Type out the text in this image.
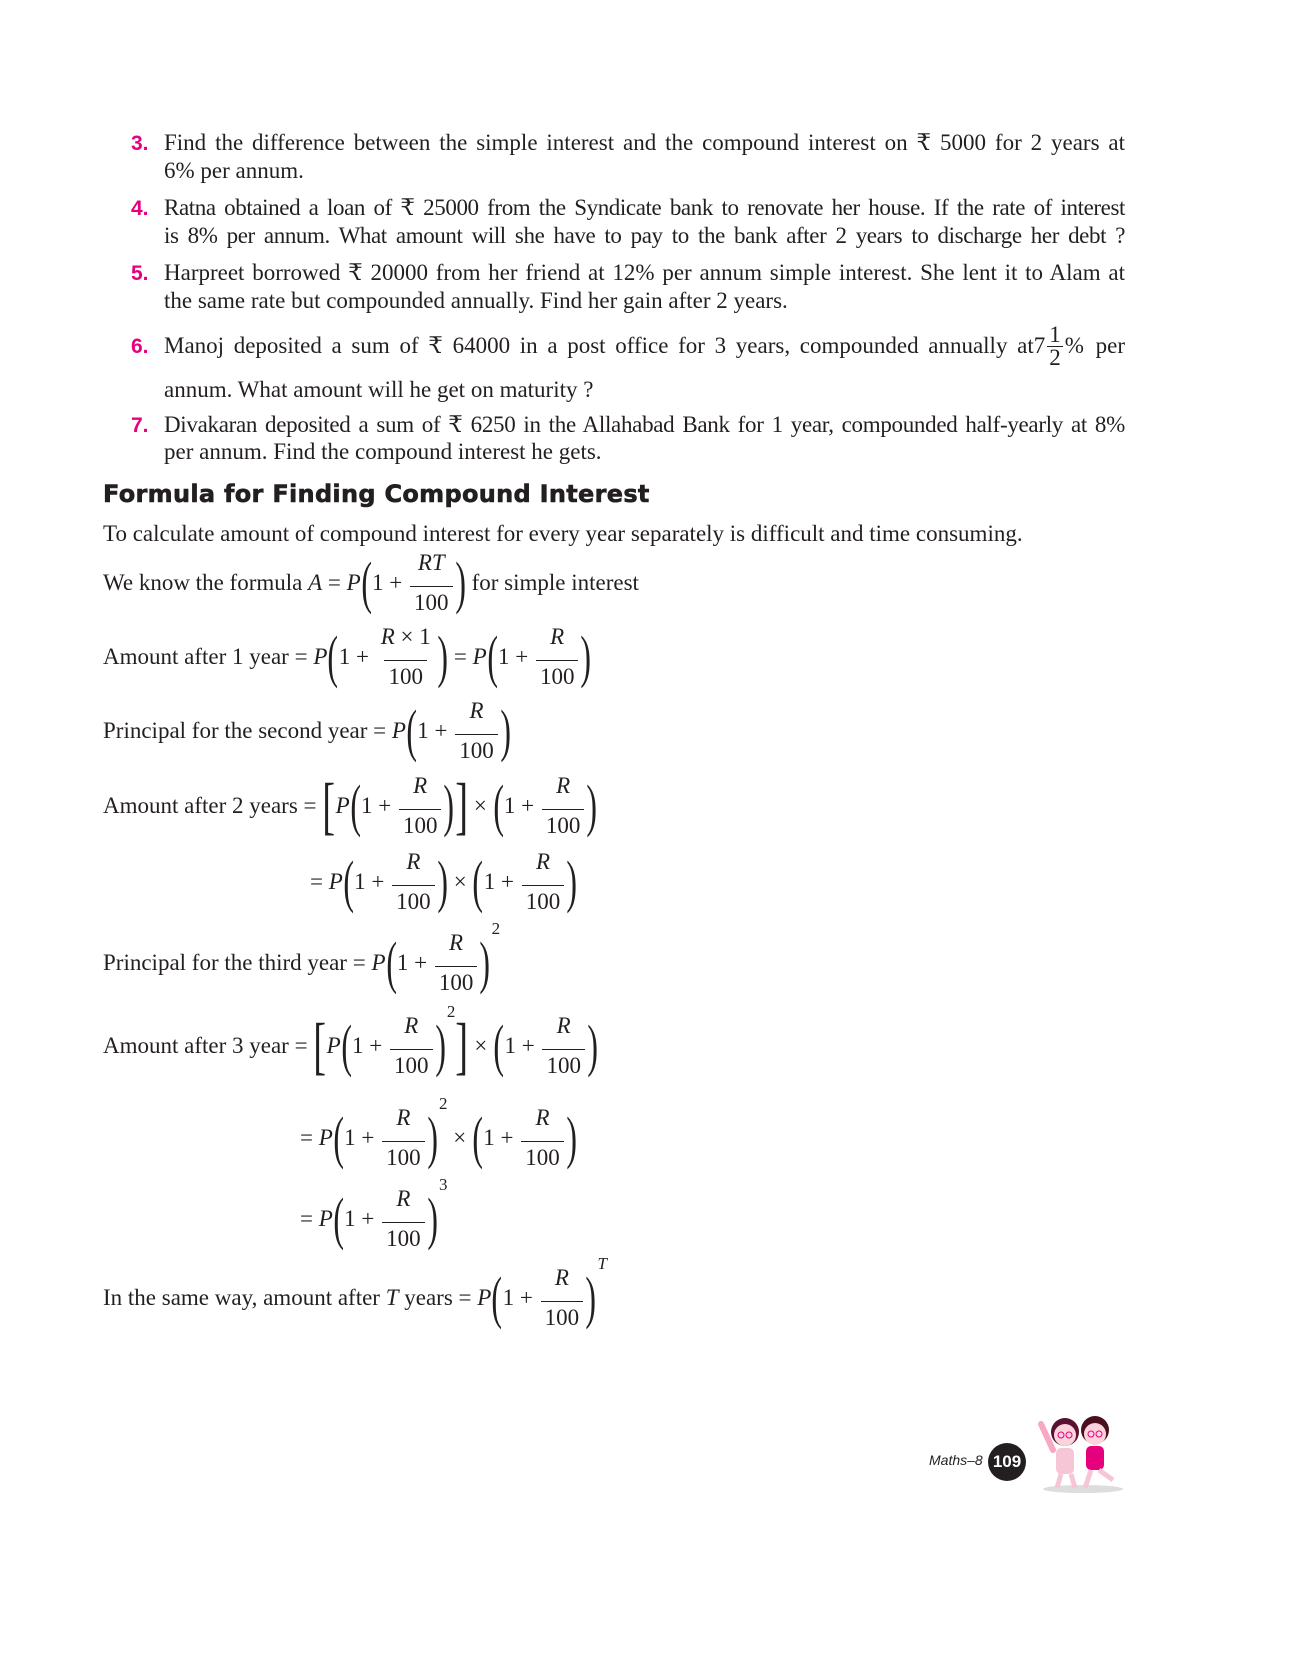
3. Find the difference between the simple interest and the compound interest on ₹ 5000 for 2 years at
6% per annum.
4. Ratna obtained a loan of ₹ 25000 from the Syndicate bank to renovate her house. If the rate of interest
is 8% per annum. What amount will she have to pay to the bank after 2 years to discharge her debt ?
5. Harpreet borrowed ₹ 20000 from her friend at 12% per annum simple interest. She lent it to Alam at
the same rate but compounded annually. Find her gain after 2 years.
6. Manoj deposited a sum of ₹ 64000 in a post office for 3 years, compounded annually at $7 \frac{1}{2}$ % per
annum. What amount will he get on maturity ?
7. Divakaran deposited a sum of ₹ 6250 in the Allahabad Bank for 1 year, compounded half-yearly at 8%
per annum. Find the compound interest he gets.
Formula for Finding Compound Interest
To calculate amount of compound interest for every year separately is difficult and time consuming.
We know the formula
$A =
$P ( $1 + \frac{\$RT}{100}$ ) for simple interest
Amount after 1 year =
$P ( $1 + \frac{\$R \times 1}{100}$ ) =
$P ( $1 + \frac{\$R}{100}$ )
Principal for the second year =
$P ( $1 + \frac{\$R}{100}$ )
Amount after 2 years = [
$P ( $1 + \frac{\$R}{100}$ ) ] × ( $1 + \frac{\$R}{100}$ )
=
$P ( $1 + \frac{\$R}{100}$ ) × ( $1 + \frac{\$R}{100}$ )
Principal for the third year =
$P ( $1 + \frac{\$R}{100}$ )
2
Amount after 3 year = [
$P ( $1 + \frac{\$R}{100}$ )
2 ] × ( $1 + \frac{\$R}{100}$ )
=
$P ( $1 + \frac{\$R}{100}$ )
2
× ( $1 + \frac{\$R}{100}$ )
=
$P ( $1 + \frac{\$R}{100}$ )
3
In the same way, amount after
$T years =
$P ( $1 + \frac{\$R}{100}$ )
$T
Maths–8 109
